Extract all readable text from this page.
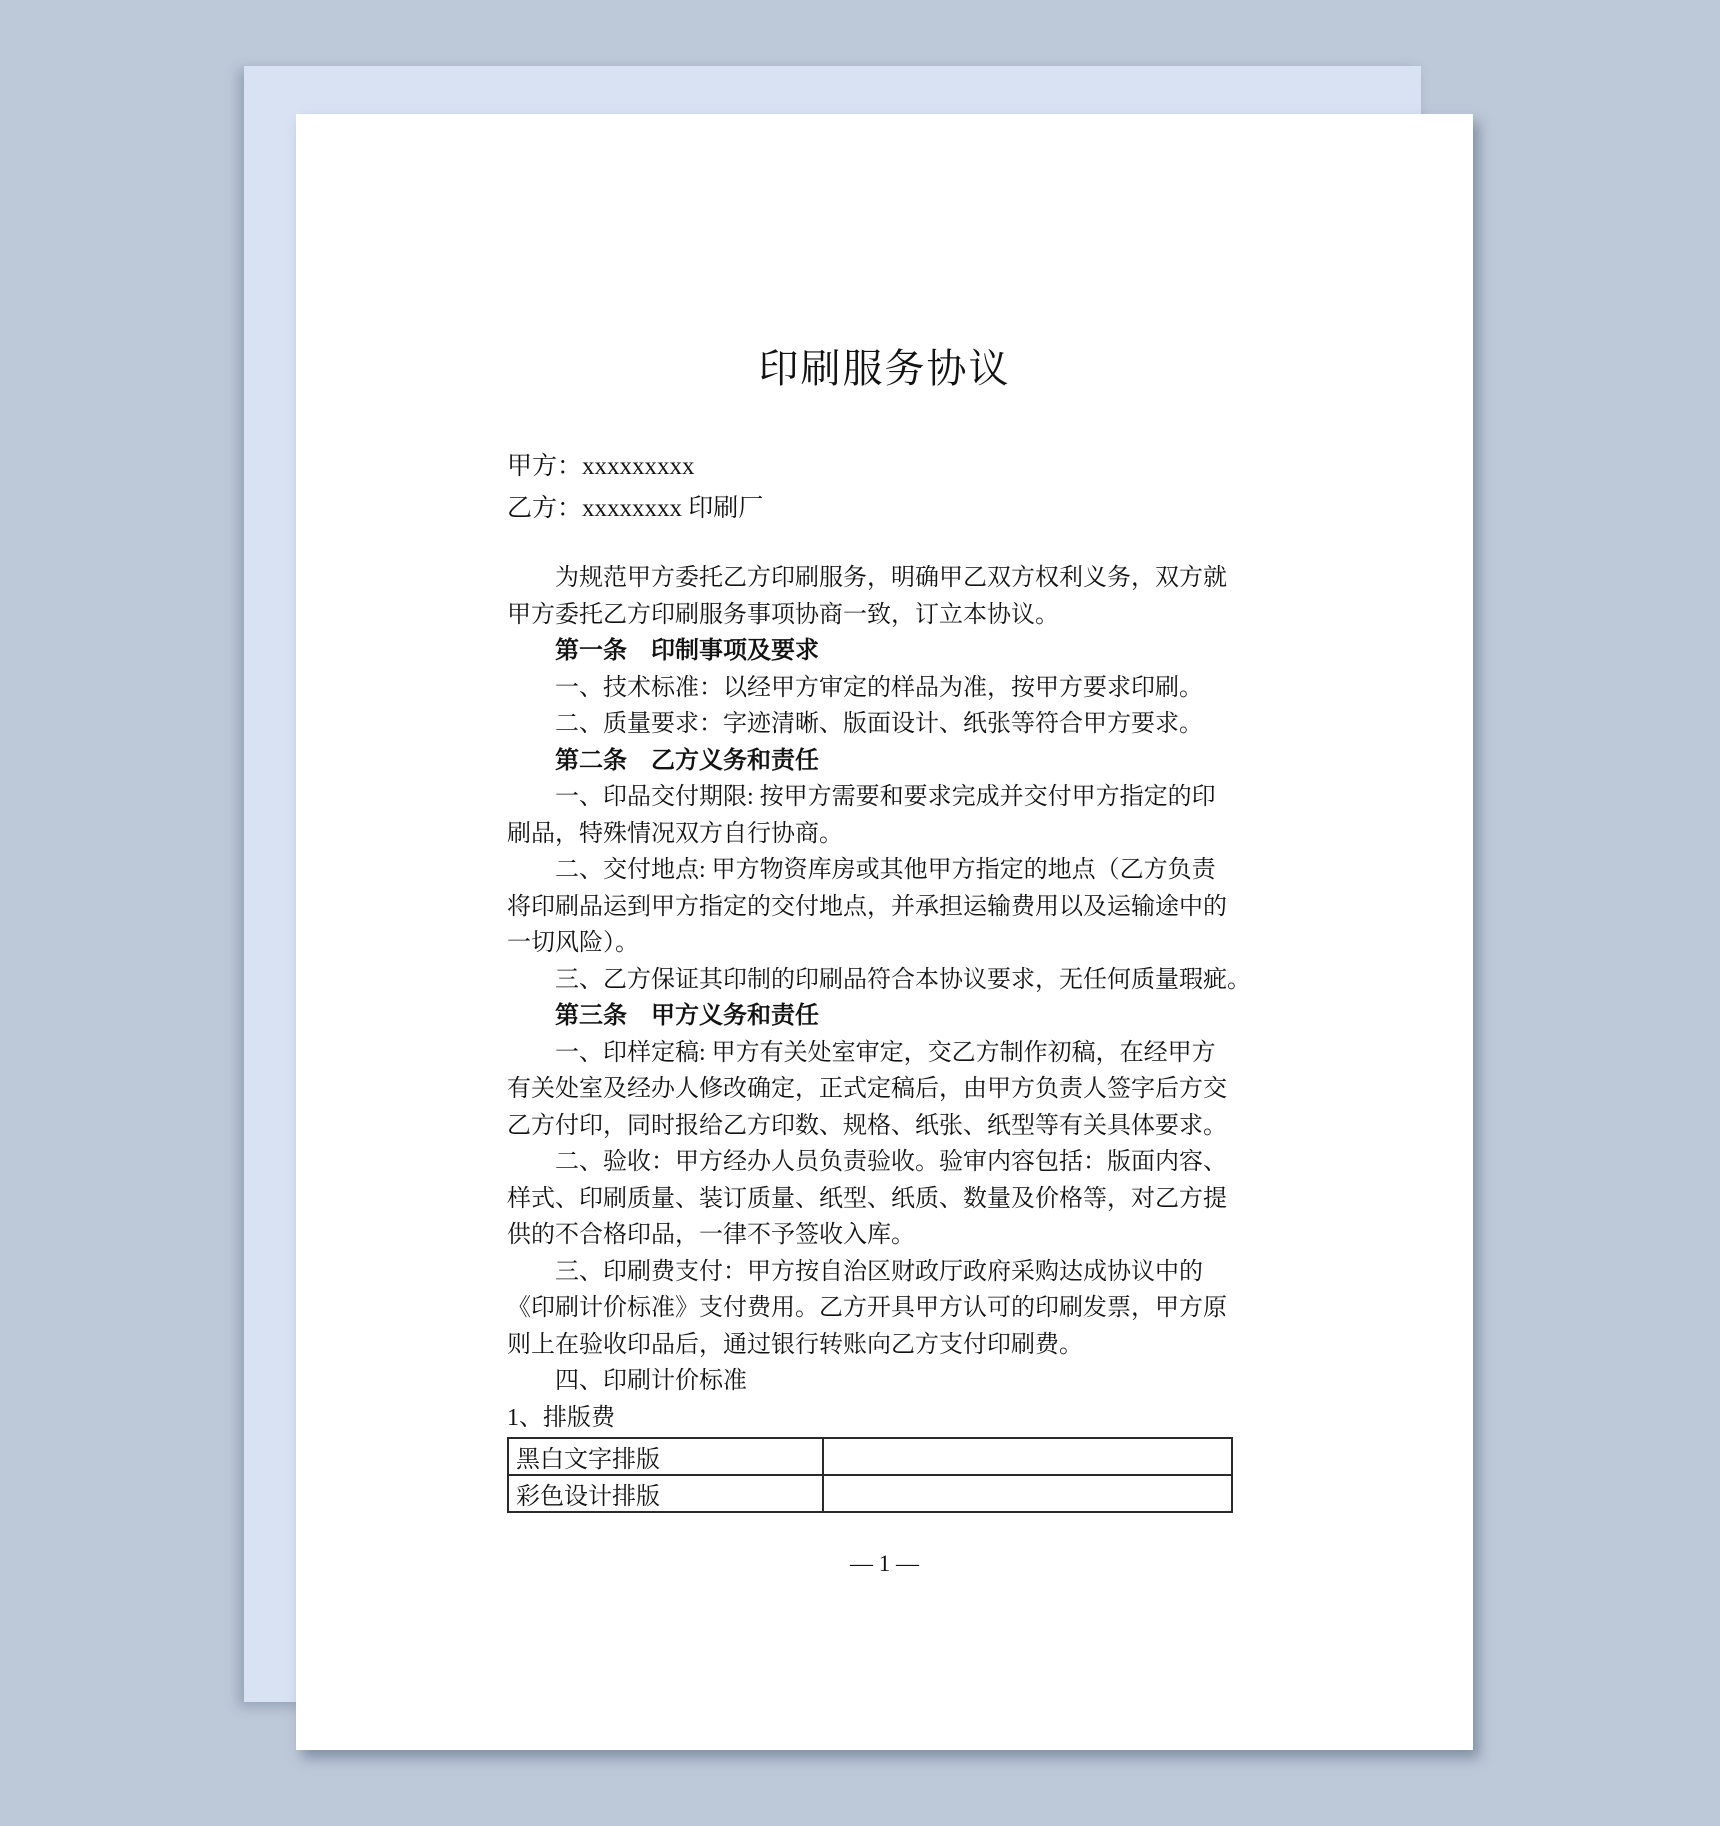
印刷服务协议
甲方：xxxxxxxxx
乙方：xxxxxxxx 印刷厂
为规范甲方委托乙方印刷服务，明确甲乙双方权利义务，双方就
甲方委托乙方印刷服务事项协商一致，订立本协议。
第一条　印制事项及要求
一、技术标准：以经甲方审定的样品为准，按甲方要求印刷。
二、质量要求：字迹清晰、版面设计、纸张等符合甲方要求。
第二条　乙方义务和责任
一、印品交付期限: 按甲方需要和要求完成并交付甲方指定的印
刷品，特殊情况双方自行协商。
二、交付地点: 甲方物资库房或其他甲方指定的地点（乙方负责
将印刷品运到甲方指定的交付地点，并承担运输费用以及运输途中的
一切风险）。
三、乙方保证其印制的印刷品符合本协议要求，无任何质量瑕疵。
第三条　甲方义务和责任
一、印样定稿: 甲方有关处室审定，交乙方制作初稿，在经甲方
有关处室及经办人修改确定，正式定稿后，由甲方负责人签字后方交
乙方付印，同时报给乙方印数、规格、纸张、纸型等有关具体要求。
二、验收：甲方经办人员负责验收。验审内容包括：版面内容、
样式、印刷质量、装订质量、纸型、纸质、数量及价格等，对乙方提
供的不合格印品，一律不予签收入库。
三、印刷费支付：甲方按自治区财政厅政府采购达成协议中的
《印刷计价标准》支付费用。乙方开具甲方认可的印刷发票，甲方原
则上在验收印品后，通过银行转账向乙方支付印刷费。
四、印刷计价标准
1、排版费
黑白文字排版	
彩色设计排版	
— 1 —
